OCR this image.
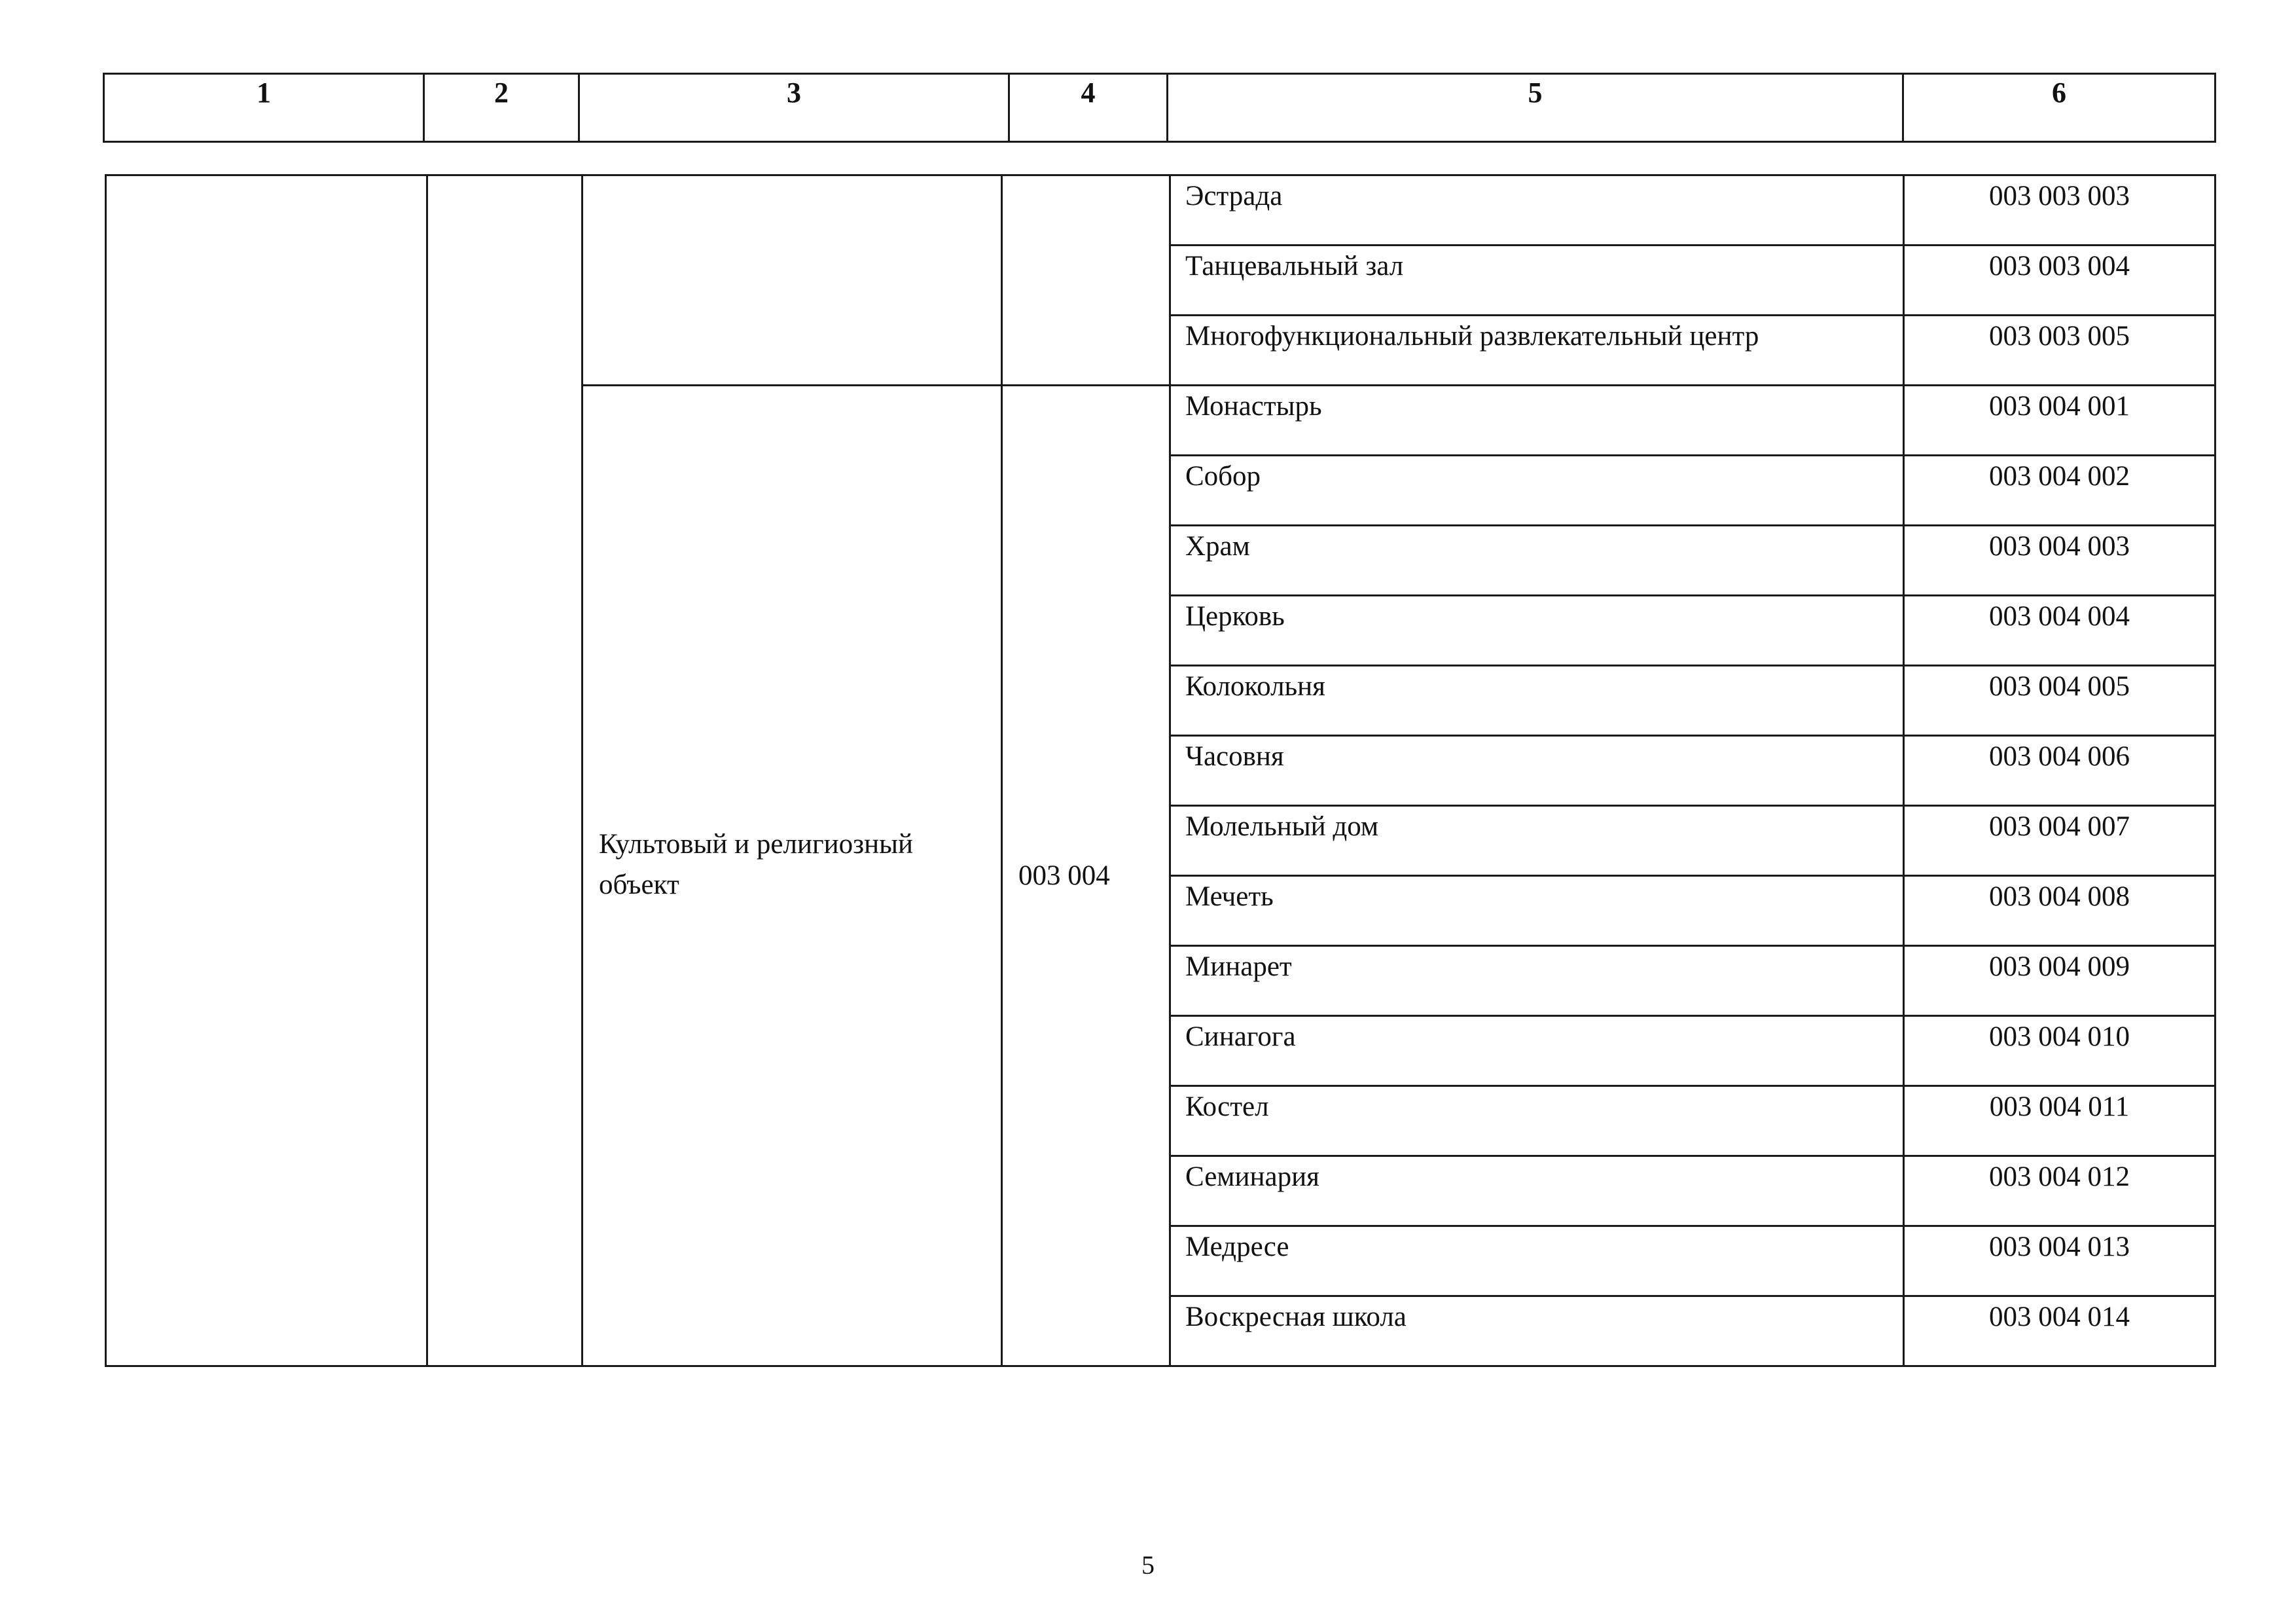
1	2	3	4	5	6
				Эстрада	003 003 003
				Танцевальный зал	003 003 004
				Многофункциональный развлекательный центр	003 003 005
		Культовый и религиозный объект	003 004	Монастырь	003 004 001
				Собор	003 004 002
				Храм	003 004 003
				Церковь	003 004 004
				Колокольня	003 004 005
				Часовня	003 004 006
				Молельный дом	003 004 007
				Мечеть	003 004 008
				Минарет	003 004 009
				Синагога	003 004 010
				Костел	003 004 011
				Семинария	003 004 012
				Медресе	003 004 013
				Воскресная школа	003 004 014
5
